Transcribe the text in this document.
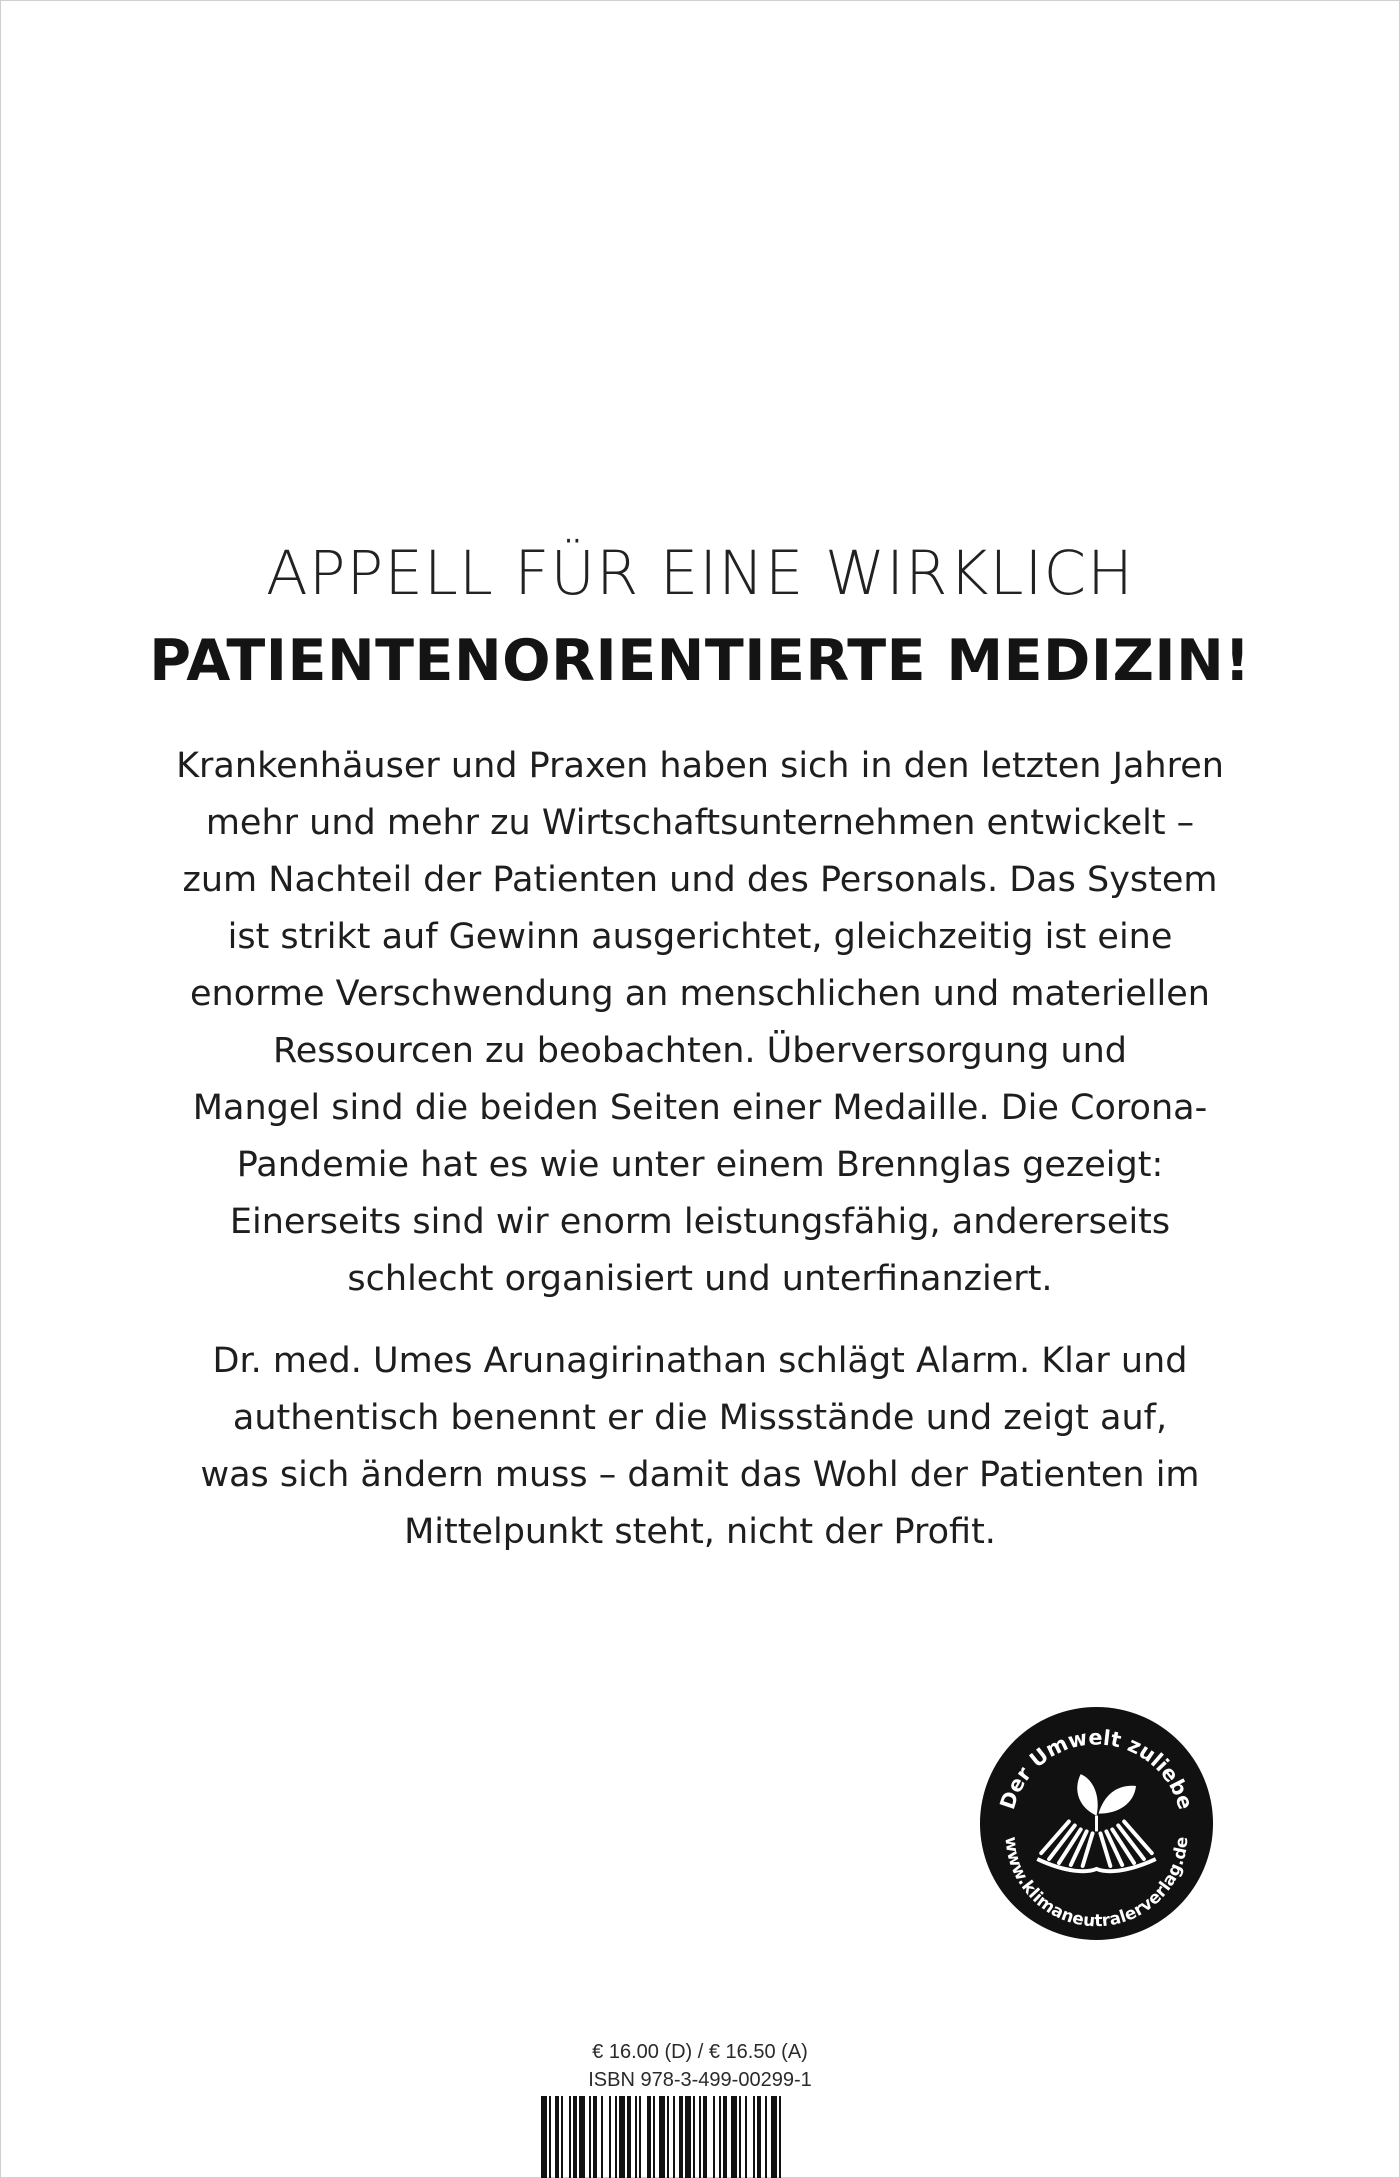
APPELL FÜR EINE WIRKLICH
PATIENTENORIENTIERTE MEDIZIN!
Krankenhäuser und Praxen haben sich in den letzten Jahren
mehr und mehr zu Wirtschaftsunternehmen entwickelt –
zum Nachteil der Patienten und des Personals. Das System
ist strikt auf Gewinn ausgerichtet, gleichzeitig ist eine
enorme Verschwendung an menschlichen und materiellen
Ressourcen zu beobachten. Überversorgung und
Mangel sind die beiden Seiten einer Medaille. Die Corona-
Pandemie hat es wie unter einem Brennglas gezeigt:
Einerseits sind wir enorm leistungsfähig, andererseits
schlecht organisiert und unterfinanziert.
Dr. med. Umes Arunagirinathan schlägt Alarm. Klar und
authentisch benennt er die Missstände und zeigt auf,
was sich ändern muss – damit das Wohl der Patienten im
Mittelpunkt steht, nicht der Profit.
Der Umwelt zuliebe
www.klimaneutralerverlag.de
€ 16.00 (D) / € 16.50 (A)
ISBN 978-3-499-00299-1
